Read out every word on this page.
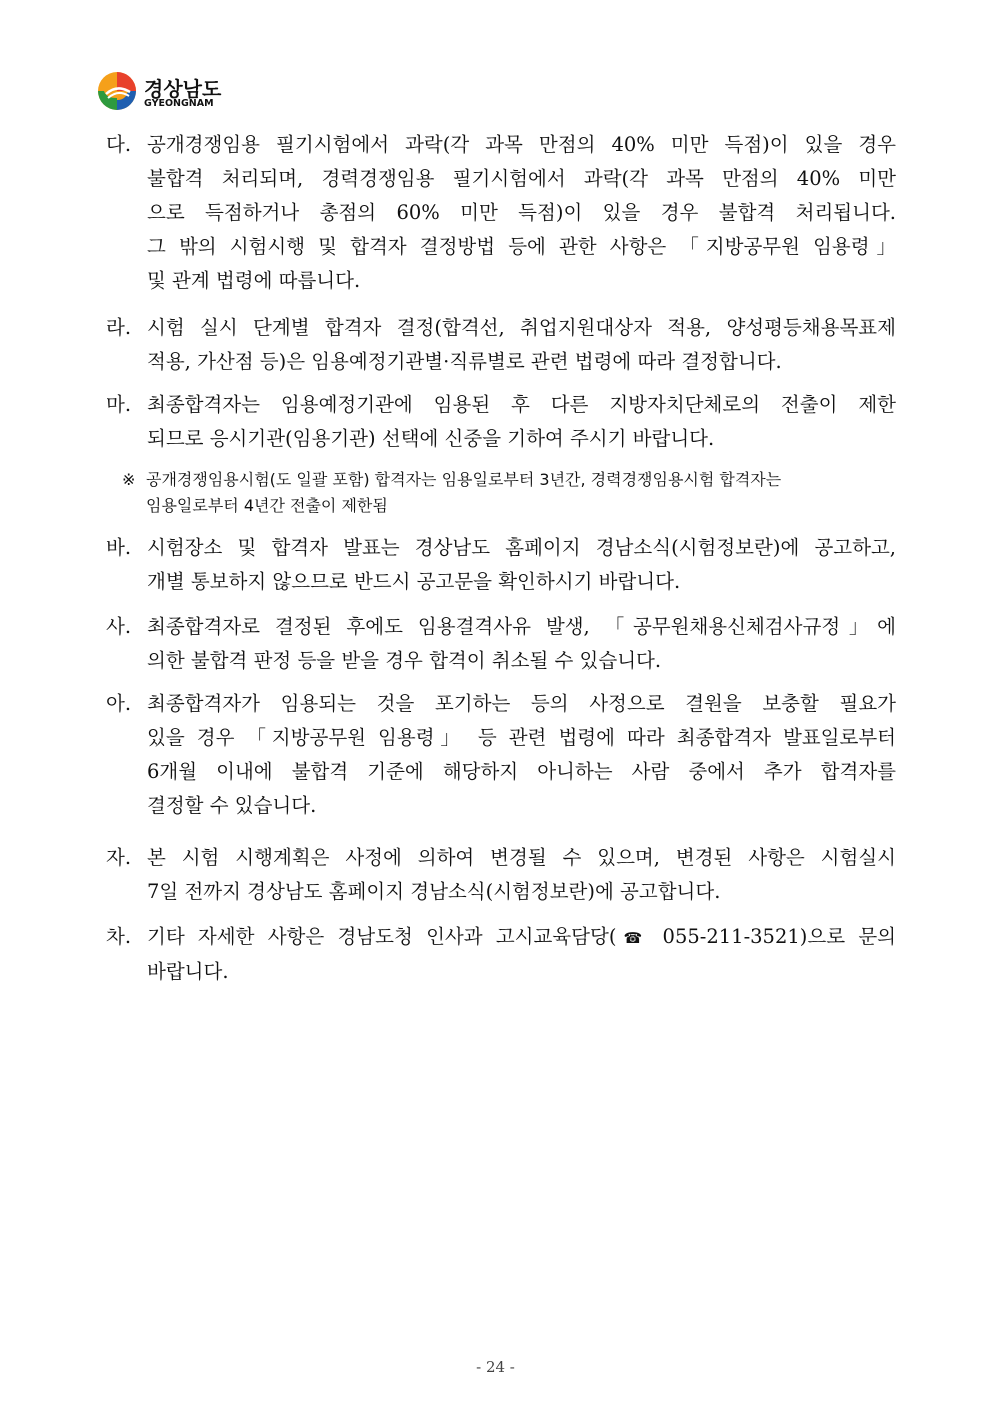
경상남도
GYEONGNAM
다. 공개경쟁임용 필기시험에서 과락(각 과목 만점의 40% 미만 득점)이 있을 경우
불합격 처리되며, 경력경쟁임용 필기시험에서 과락(각 과목 만점의 40% 미만
으로 득점하거나 총점의 60% 미만 득점)이 있을 경우 불합격 처리됩니다.
그 밖의 시험시행 및 합격자 결정방법 등에 관한 사항은 「지방공무원 임용령」
및 관계 법령에 따릅니다.
라. 시험 실시 단계별 합격자 결정(합격선, 취업지원대상자 적용, 양성평등채용목표제
적용, 가산점 등)은 임용예정기관별·직류별로 관련 법령에 따라 결정합니다.
마. 최종합격자는 임용예정기관에 임용된 후 다른 지방자치단체로의 전출이 제한
되므로 응시기관(임용기관) 선택에 신중을 기하여 주시기 바랍니다.
※ 공개경쟁임용시험(도 일괄 포함) 합격자는 임용일로부터 3년간, 경력경쟁임용시험 합격자는
임용일로부터 4년간 전출이 제한됨
바. 시험장소 및 합격자 발표는 경상남도 홈페이지 경남소식(시험정보란)에 공고하고,
개별 통보하지 않으므로 반드시 공고문을 확인하시기 바랍니다.
사. 최종합격자로 결정된 후에도 임용결격사유 발생, 「공무원채용신체검사규정」에
의한 불합격 판정 등을 받을 경우 합격이 취소될 수 있습니다.
아. 최종합격자가 임용되는 것을 포기하는 등의 사정으로 결원을 보충할 필요가
있을 경우 「지방공무원 임용령」 등 관련 법령에 따라 최종합격자 발표일로부터
6개월 이내에 불합격 기준에 해당하지 아니하는 사람 중에서 추가 합격자를
결정할 수 있습니다.
자. 본 시험 시행계획은 사정에 의하여 변경될 수 있으며, 변경된 사항은 시험실시
7일 전까지 경상남도 홈페이지 경남소식(시험정보란)에 공고합니다.
차. 기타 자세한 사항은 경남도청 인사과 고시교육담당(☎ 055-211-3521)으로 문의
바랍니다.
- 24 -
